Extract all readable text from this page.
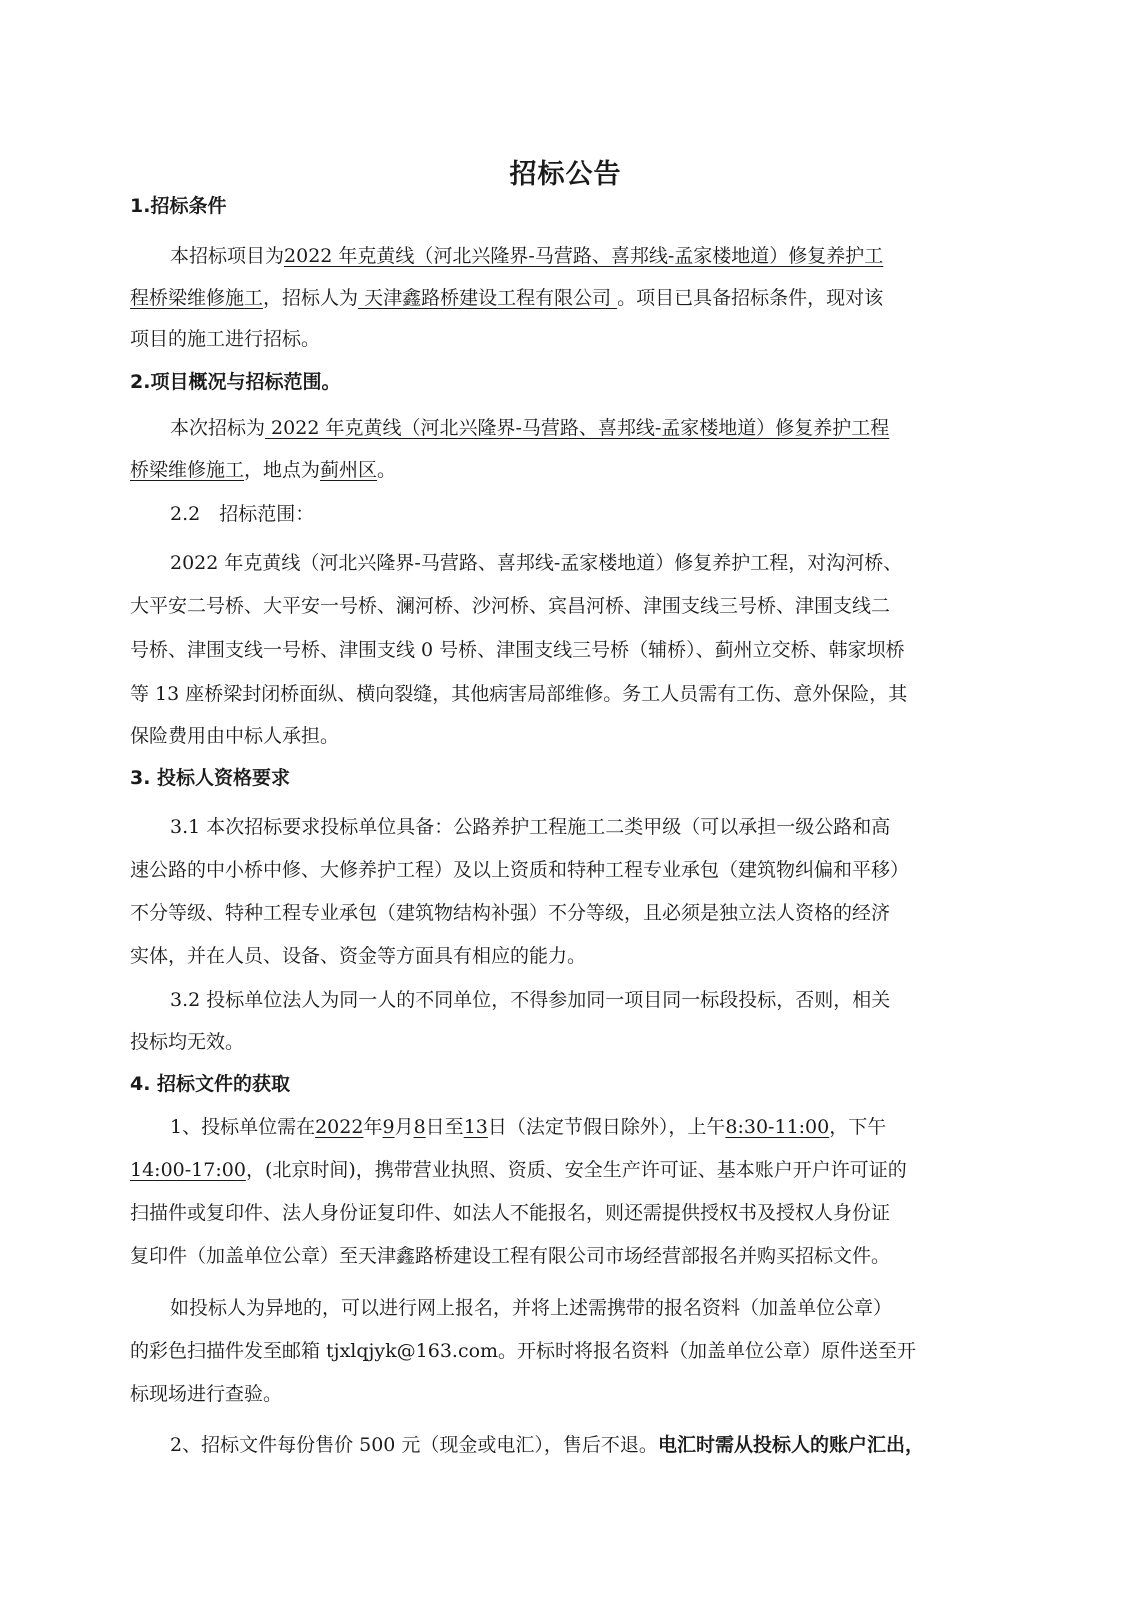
招标公告
1.招标条件
本招标项目为2022 年克黄线（河北兴隆界-马营路、喜邦线-孟家楼地道）修复养护工
程桥梁维修施工，招标人为 天津鑫路桥建设工程有限公司 。项目已具备招标条件，现对该
项目的施工进行招标。
2.项目概况与招标范围。
本次招标为 2022 年克黄线（河北兴隆界-马营路、喜邦线-孟家楼地道）修复养护工程
桥梁维修施工，地点为蓟州区。
2.2　招标范围：
2022 年克黄线（河北兴隆界-马营路、喜邦线-孟家楼地道）修复养护工程，对沟河桥、
大平安二号桥、大平安一号桥、澜河桥、沙河桥、宾昌河桥、津围支线三号桥、津围支线二
号桥、津围支线一号桥、津围支线 0 号桥、津围支线三号桥（辅桥）、蓟州立交桥、韩家坝桥
等 13 座桥梁封闭桥面纵、横向裂缝，其他病害局部维修。务工人员需有工伤、意外保险，其
保险费用由中标人承担。
3. 投标人资格要求
3.1 本次招标要求投标单位具备：公路养护工程施工二类甲级（可以承担一级公路和高
速公路的中小桥中修、大修养护工程）及以上资质和特种工程专业承包（建筑物纠偏和平移）
不分等级、特种工程专业承包（建筑物结构补强）不分等级，且必须是独立法人资格的经济
实体，并在人员、设备、资金等方面具有相应的能力。
3.2 投标单位法人为同一人的不同单位，不得参加同一项目同一标段投标，否则，相关
投标均无效。
4. 招标文件的获取
1、投标单位需在2022年9月8日至13日（法定节假日除外），上午8:30-11:00，下午
14:00-17:00，(北京时间)，携带营业执照、资质、安全生产许可证、基本账户开户许可证的
扫描件或复印件、法人身份证复印件、如法人不能报名，则还需提供授权书及授权人身份证
复印件（加盖单位公章）至天津鑫路桥建设工程有限公司市场经营部报名并购买招标文件。
如投标人为异地的，可以进行网上报名，并将上述需携带的报名资料（加盖单位公章）
的彩色扫描件发至邮箱 tjxlqjyk@163.com。开标时将报名资料（加盖单位公章）原件送至开
标现场进行查验。
2、招标文件每份售价 500 元（现金或电汇），售后不退。电汇时需从投标人的账户汇出，
